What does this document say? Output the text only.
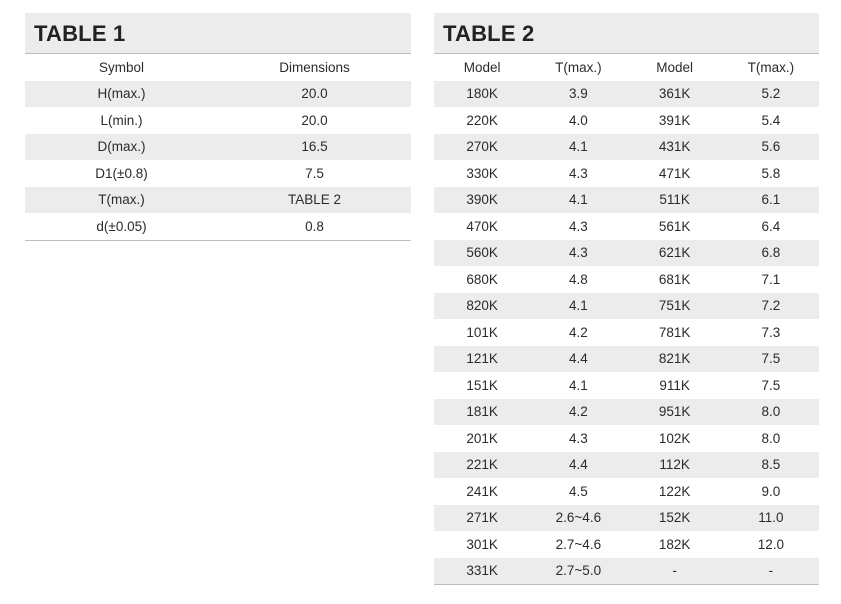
TABLE 1
Symbol	Dimensions
H(max.)	20.0
L(min.)	20.0
D(max.)	16.5
D1(±0.8)	7.5
T(max.)	TABLE 2
d(±0.05)	0.8
TABLE 2
Model	T(max.)	Model	T(max.)
180K	3.9	361K	5.2
220K	4.0	391K	5.4
270K	4.1	431K	5.6
330K	4.3	471K	5.8
390K	4.1	511K	6.1
470K	4.3	561K	6.4
560K	4.3	621K	6.8
680K	4.8	681K	7.1
820K	4.1	751K	7.2
101K	4.2	781K	7.3
121K	4.4	821K	7.5
151K	4.1	911K	7.5
181K	4.2	951K	8.0
201K	4.3	102K	8.0
221K	4.4	112K	8.5
241K	4.5	122K	9.0
271K	2.6~4.6	152K	11.0
301K	2.7~4.6	182K	12.0
331K	2.7~5.0	-	-
